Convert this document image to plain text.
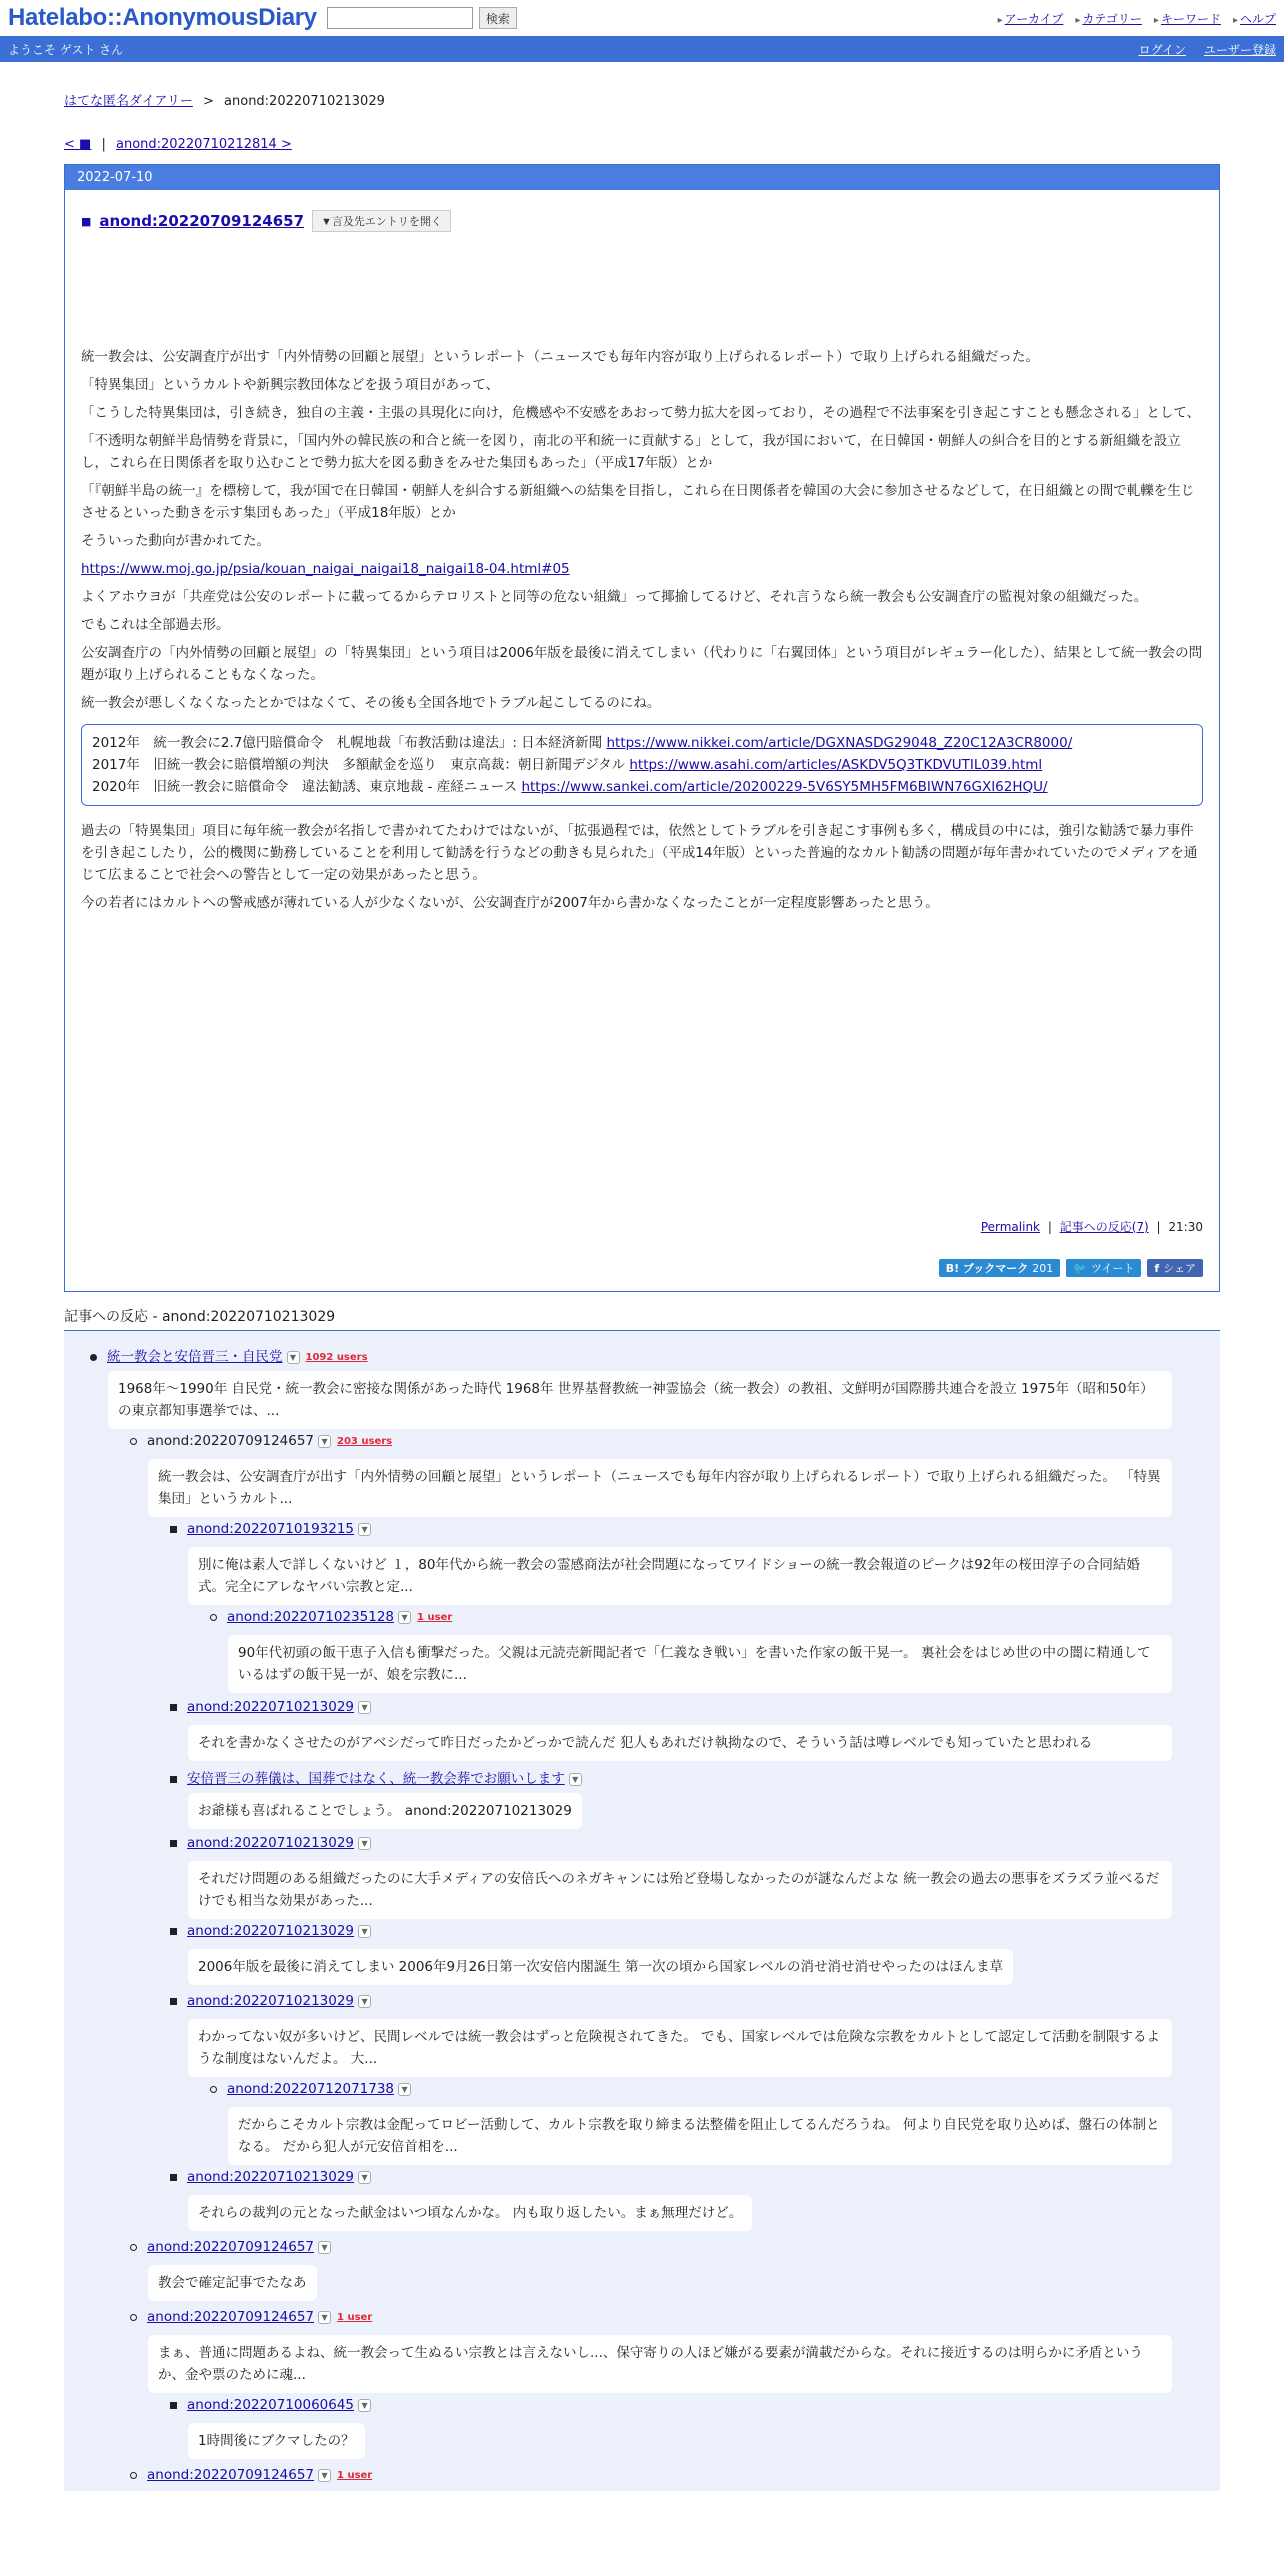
Hatelabo::AnonymousDiary	検索	▸ アーカイブ ▸ カテゴリー ▸ キーワード ▸ ヘルプ
ようこそ ゲスト さん	ログイン ユーザー登録
はてな匿名ダイアリー > anond:20220710213029
< ■ | anond:20220710212814 >
2022-07-10
■ anond:20220709124657	▼言及先エントリを開く

統一教会は、公安調査庁が出す「内外情勢の回顧と展望」というレポート（ニュースでも毎年内容が取り上げられるレポート）で取り上げられる組織だった。

「特異集団」というカルトや新興宗教団体などを扱う項目があって、

「こうした特異集団は，引き続き，独自の主義・主張の具現化に向け，危機感や不安感をあおって勢力拡大を図っており，その過程で不法事案を引き起こすことも懸念される」として、

「不透明な朝鮮半島情勢を背景に，「国内外の韓民族の和合と統一を図り，南北の平和統一に貢献する」として，我が国において，在日韓国・朝鮮人の糾合を目的とする新組織を設立し，これら在日関係者を取り込むことで勢力拡大を図る動きをみせた集団もあった」（平成17年版）とか

「『朝鮮半島の統一』を標榜して，我が国で在日韓国・朝鮮人を糾合する新組織への結集を目指し，これら在日関係者を韓国の大会に参加させるなどして，在日組織との間で軋轢を生じさせるといった動きを示す集団もあった」（平成18年版）とか

そういった動向が書かれてた。

https://www.moj.go.jp/psia/kouan_naigai_naigai18_naigai18-04.html#05

よくアホウヨが「共産党は公安のレポートに載ってるからテロリストと同等の危ない組織」って揶揄してるけど、それ言うなら統一教会も公安調査庁の監視対象の組織だった。

でもこれは全部過去形。

公安調査庁の「内外情勢の回顧と展望」の「特異集団」という項目は2006年版を最後に消えてしまい（代わりに「右翼団体」という項目がレギュラー化した）、結果として統一教会の問題が取り上げられることもなくなった。

統一教会が悪しくなくなったとかではなくて、その後も全国各地でトラブル起こしてるのにね。

2012年　統一教会に2.7億円賠償命令　札幌地裁「布教活動は違法」: 日本経済新聞 https://www.nikkei.com/article/DGXNASDG29048_Z20C12A3CR8000/

2017年　旧統一教会に賠償増額の判決　多額献金を巡り　東京高裁：朝日新聞デジタル https://www.asahi.com/articles/ASKDV5Q3TKDVUTIL039.html

2020年　旧統一教会に賠償命令　違法勧誘、東京地裁 - 産経ニュース https://www.sankei.com/article/20200229-5V6SY5MH5FM6BIWN76GXI62HQU/

過去の「特異集団」項目に毎年統一教会が名指しで書かれてたわけではないが、「拡張過程では，依然としてトラブルを引き起こす事例も多く，構成員の中には，強引な勧誘で暴力事件を引き起こしたり，公的機関に勤務していることを利用して勧誘を行うなどの動きも見られた」（平成14年版）といった普遍的なカルト勧誘の問題が毎年書かれていたのでメディアを通じて広まることで社会への警告として一定の効果があったと思う。

今の若者にはカルトへの警戒感が薄れている人が少なくないが、公安調査庁が2007年から書かなくなったことが一定程度影響あったと思う。

Permalink | 記事への反応(7) | 21:30
B! ブックマーク 201 🐦 ツイート f シェア
記事への反応 - anond:20220710213029
統一教会と安倍晋三・自民党 ▼ 1092 users
1968年～1990年 自民党・統一教会に密接な関係があった時代 1968年 世界基督教統一神霊協会（統一教会）の教祖、文鮮明が国際勝共連合を設立 1975年（昭和50年）の東京都知事選挙では、...
anond:20220709124657 ▼ 203 users
統一教会は、公安調査庁が出す「内外情勢の回顧と展望」というレポート（ニュースでも毎年内容が取り上げられるレポート）で取り上げられる組織だった。 「特異集団」というカルト...
anond:20220710193215 ▼
別に俺は素人で詳しくないけど １，80年代から統一教会の霊感商法が社会問題になってワイドショーの統一教会報道のピークは92年の桜田淳子の合同結婚式。完全にアレなヤバい宗教と定...
anond:20220710235128 ▼ 1 user
90年代初頭の飯干恵子入信も衝撃だった。父親は元読売新聞記者で「仁義なき戦い」を書いた作家の飯干晃一。 裏社会をはじめ世の中の闇に精通しているはずの飯干晃一が、娘を宗教に...
anond:20220710213029 ▼
それを書かなくさせたのがアベシだって昨日だったかどっかで読んだ 犯人もあれだけ執拗なので、そういう話は噂レベルでも知っていたと思われる
安倍晋三の葬儀は、国葬ではなく、統一教会葬でお願いします ▼
お爺様も喜ばれることでしょう。 anond:20220710213029
anond:20220710213029 ▼
それだけ問題のある組織だったのに大手メディアの安倍氏へのネガキャンには殆ど登場しなかったのが謎なんだよな 統一教会の過去の悪事をズラズラ並べるだけでも相当な効果があった...
anond:20220710213029 ▼
2006年版を最後に消えてしまい 2006年9月26日第一次安倍内閣誕生 第一次の頃から国家レベルの消せ消せ消せやったのはほんま草
anond:20220710213029 ▼
わかってない奴が多いけど、民間レベルでは統一教会はずっと危険視されてきた。 でも、国家レベルでは危険な宗教をカルトとして認定して活動を制限するような制度はないんだよ。 大...
anond:20220712071738 ▼
だからこそカルト宗教は金配ってロビー活動して、カルト宗教を取り締まる法整備を阻止してるんだろうね。 何より自民党を取り込めば、盤石の体制となる。 だから犯人が元安倍首相を...
anond:20220710213029 ▼
それらの裁判の元となった献金はいつ頃なんかな。 内も取り返したい。まぁ無理だけど。
anond:20220709124657 ▼
教会で確定記事でたなあ
anond:20220709124657 ▼ 1 user
まぁ、普通に問題あるよね、統一教会って生ぬるい宗教とは言えないし...、保守寄りの人ほど嫌がる要素が満載だからな。それに接近するのは明らかに矛盾というか、金や票のために魂...
anond:20220710060645 ▼
1時間後にブクマしたの？
anond:20220709124657 ▼ 1 user
